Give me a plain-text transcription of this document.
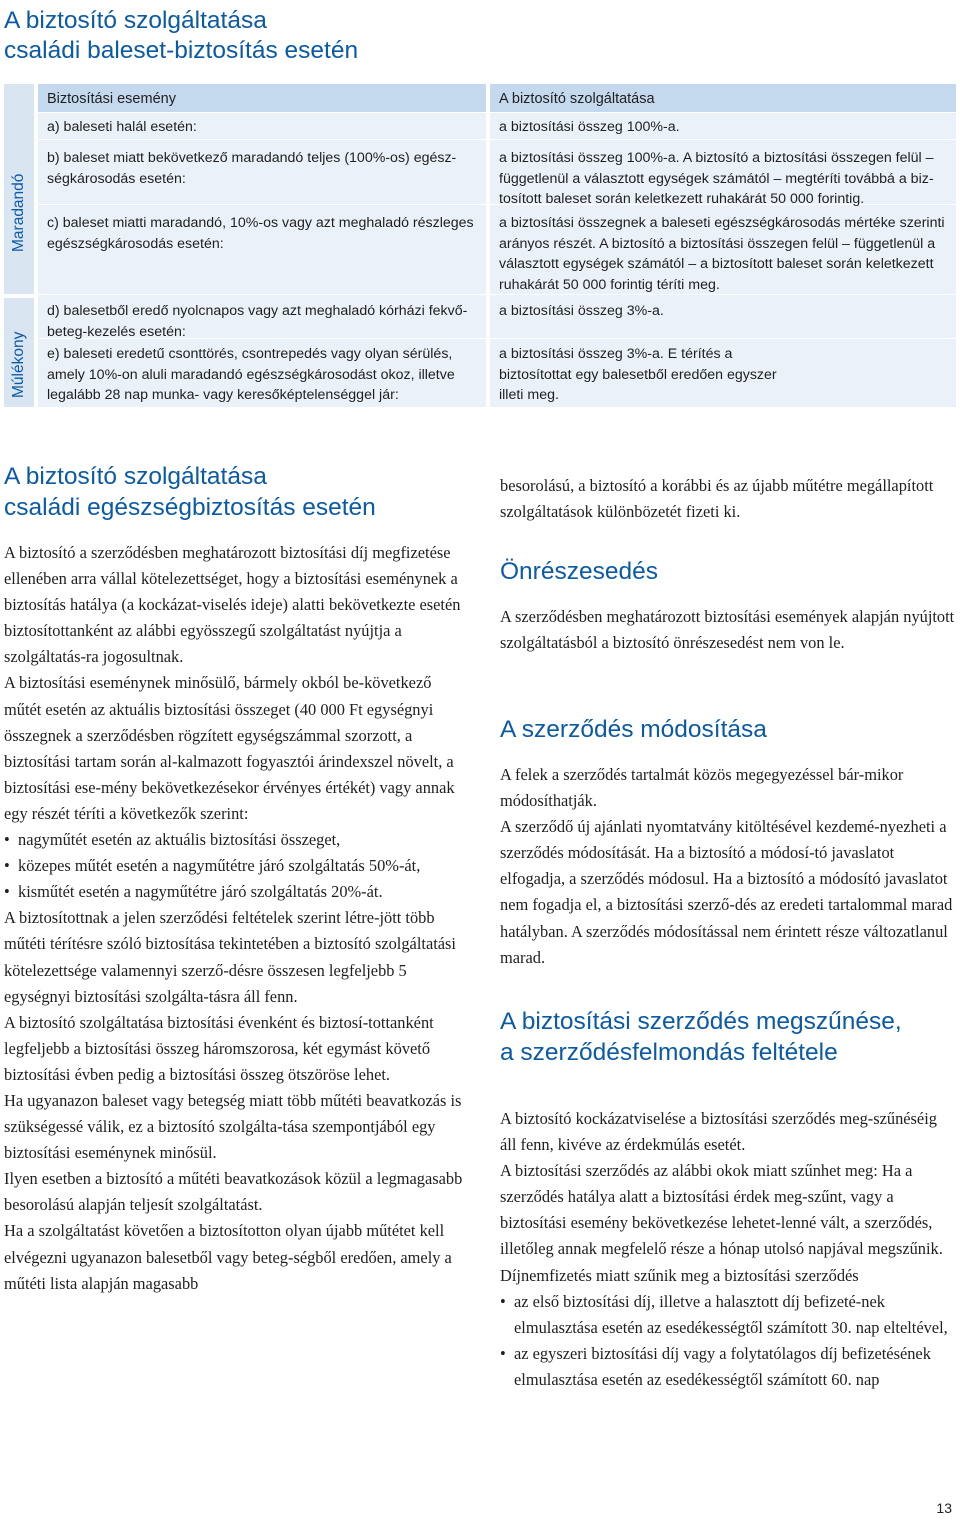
A biztosító szolgáltatása
családi baleset-biztosítás esetén
Maradandó
Múlékony
Biztosítási esemény	A biztosító szolgáltatása
a) baleseti halál esetén:	a biztosítási összeg 100%-a.
b) baleset miatt bekövetkező maradandó teljes (100%-os) egész-
ségkárosodás esetén:
a biztosítási összeg 100%-a. A biztosító a biztosítási összegen felül – függetlenül a választott egységek számától – megtéríti továbbá a biz-
tosított baleset során keletkezett ruhakárát 50 000 forintig.
c) baleset miatti maradandó, 10%-os vagy azt meghaladó részleges egészségkárosodás esetén:
a biztosítási összegnek a baleseti egészségkárosodás mértéke szerinti arányos részét. A biztosító a biztosítási összegen felül – függetlenül a választott egységek számától – a biztosított baleset során keletkezett ruhakárát 50 000 forintig téríti meg.
d) balesetből eredő nyolcnapos vagy azt meghaladó kórházi fekvő-
beteg-kezelés esetén:
a biztosítási összeg 3%-a.
e) baleseti eredetű csonttörés, csontrepedés vagy olyan sérülés, amely 10%-on aluli maradandó egészségkárosodást okoz, illetve legalább 28 nap munka- vagy keresőképtelenséggel jár:
a biztosítási összeg 3%-a. E térítés a biztosítottat egy balesetből eredően egyszer illeti meg.
A biztosító szolgáltatása
családi egészségbiztosítás esetén

A biztosító a szerződésben meghatározott biztosítási díj megfizetése ellenében arra vállal kötelezettséget, hogy a biztosítási eseménynek a biztosítás hatálya (a kockázat-viselés ideje) alatti bekövetkezte esetén biztosítottanként az alábbi egyösszegű szolgáltatást nyújtja a szolgáltatás-ra jogosultnak.

A biztosítási eseménynek minősülő, bármely okból be-következő műtét esetén az aktuális biztosítási összeget (40 000 Ft egységnyi összegnek a szerződésben rögzített egységszámmal szorzott, a biztosítási tartam során al-kalmazott fogyasztói árindexszel növelt, a biztosítási ese-mény bekövetkezésekor érvényes értékét) vagy annak egy részét téríti a következők szerint:

• nagyműtét esetén az aktuális biztosítási összeget,
• közepes műtét esetén a nagyműtétre járó szolgáltatás 50%-át,
• kisműtét esetén a nagyműtétre járó szolgáltatás 20%-át.

A biztosítottnak a jelen szerződési feltételek szerint létre-jött több műtéti térítésre szóló biztosítása tekintetében a biztosító szolgáltatási kötelezettsége valamennyi szerző-désre összesen legfeljebb 5 egységnyi biztosítási szolgálta-tásra áll fenn.

A biztosító szolgáltatása biztosítási évenként és biztosí-tottanként legfeljebb a biztosítási összeg háromszorosa, két egymást követő biztosítási évben pedig a biztosítási összeg ötszöröse lehet.

Ha ugyanazon baleset vagy betegség miatt több műtéti beavatkozás is szükségessé válik, ez a biztosító szolgálta-tása szempontjából egy biztosítási eseménynek minősül.

Ilyen esetben a biztosító a műtéti beavatkozások közül a legmagasabb besorolású alapján teljesít szolgáltatást.

Ha a szolgáltatást követően a biztosítotton olyan újabb műtétet kell elvégezni ugyanazon balesetből vagy beteg-ségből eredően, amely a műtéti lista alapján magasabb

besorolású, a biztosító a korábbi és az újabb műtétre megállapított szolgáltatások különbözetét fizeti ki.

Önrészesedés

A szerződésben meghatározott biztosítási események alapján nyújtott szolgáltatásból a biztosító önrészesedést nem von le.

A szerződés módosítása

A felek a szerződés tartalmát közös megegyezéssel bár-mikor módosíthatják.

A szerződő új ajánlati nyomtatvány kitöltésével kezdemé-nyezheti a szerződés módosítását. Ha a biztosító a módosí-tó javaslatot elfogadja, a szerződés módosul. Ha a biztosító a módosító javaslatot nem fogadja el, a biztosítási szerző-dés az eredeti tartalommal marad hatályban. A szerződés módosítással nem érintett része változatlanul marad.

A biztosítási szerződés megszűnése,
a szerződésfelmondás feltétele

A biztosító kockázatviselése a biztosítási szerződés meg-szűnéséig áll fenn, kivéve az érdekmúlás esetét.

A biztosítási szerződés az alábbi okok miatt szűnhet meg: Ha a szerződés hatálya alatt a biztosítási érdek meg-szűnt, vagy a biztosítási esemény bekövetkezése lehetet-lenné vált, a szerződés, illetőleg annak megfelelő része a hónap utolsó napjával megszűnik.

Díjnemfizetés miatt szűnik meg a biztosítási szerződés

• az első biztosítási díj, illetve a halasztott díj befizeté-nek elmulasztása esetén az esedékességtől számított 30. nap elteltével,
• az egyszeri biztosítási díj vagy a folytatólagos díj befizetésének elmulasztása esetén az esedékességtől számított 60. nap
13
